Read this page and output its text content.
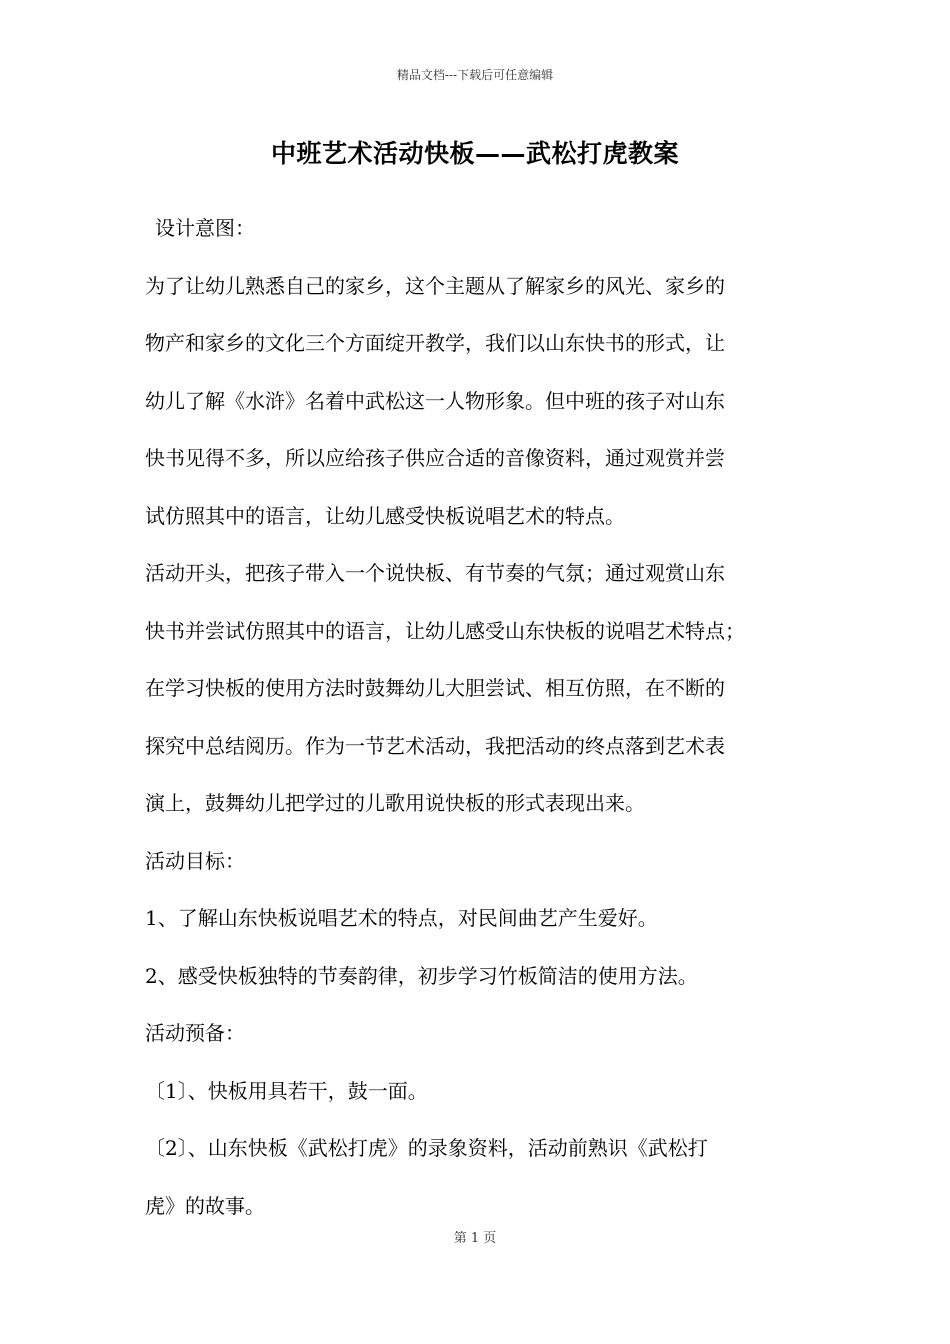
精品文档---下载后可任意编辑
中班艺术活动快板——武松打虎教案
设计意图：
为了让幼儿熟悉自己的家乡，这个主题从了解家乡的风光、家乡的
物产和家乡的文化三个方面绽开教学，我们以山东快书的形式，让
幼儿了解《水浒》名着中武松这一人物形象。但中班的孩子对山东
快书见得不多，所以应给孩子供应合适的音像资料，通过观赏并尝
试仿照其中的语言，让幼儿感受快板说唱艺术的特点。
活动开头，把孩子带入一个说快板、有节奏的气氛；通过观赏山东
快书并尝试仿照其中的语言，让幼儿感受山东快板的说唱艺术特点；
在学习快板的使用方法时鼓舞幼儿大胆尝试、相互仿照，在不断的
探究中总结阅历。作为一节艺术活动，我把活动的终点落到艺术表
演上，鼓舞幼儿把学过的儿歌用说快板的形式表现出来。
活动目标：
1、了解山东快板说唱艺术的特点，对民间曲艺产生爱好。
2、感受快板独特的节奏韵律，初步学习竹板简洁的使用方法。
活动预备：
〔1〕、快板用具若干，鼓一面。
〔2〕、山东快板《武松打虎》的录象资料，活动前熟识《武松打
虎》的故事。
第 1 页
